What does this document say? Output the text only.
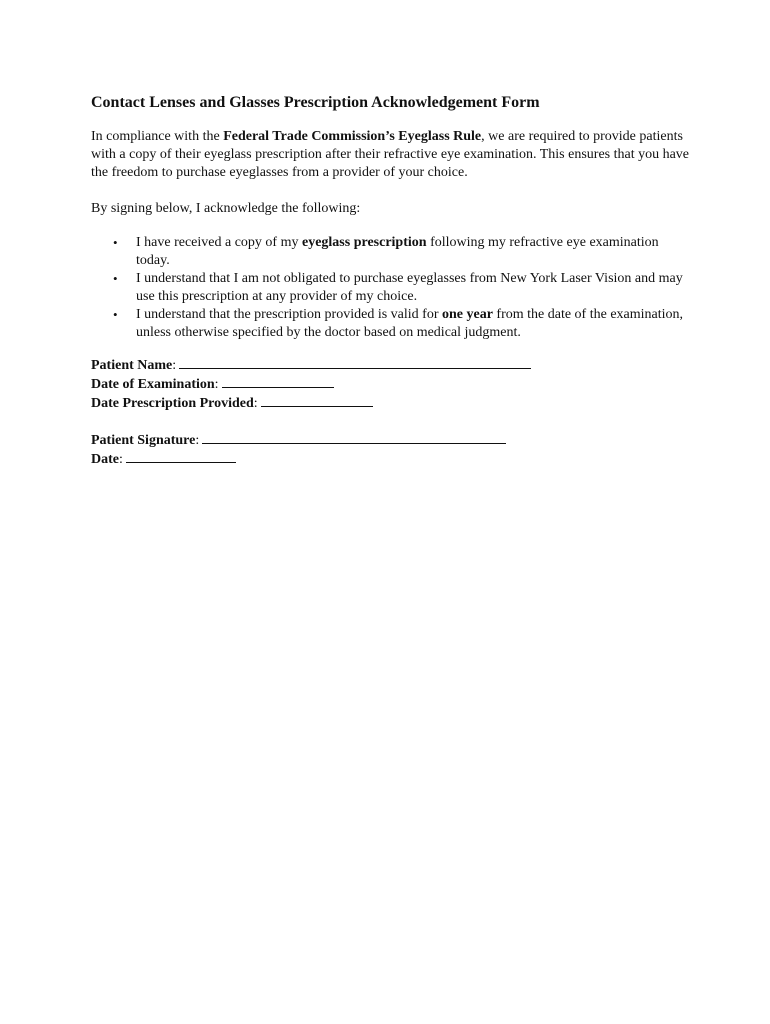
Contact Lenses and Glasses Prescription Acknowledgement Form

In compliance with the Federal Trade Commission’s Eyeglass Rule, we are required to provide patients with a copy of their eyeglass prescription after their refractive eye examination. This ensures that you have the freedom to purchase eyeglasses from a provider of your choice.

By signing below, I acknowledge the following:

• I have received a copy of my eyeglass prescription following my refractive eye examination today.
• I understand that I am not obligated to purchase eyeglasses from New York Laser Vision and may use this prescription at any provider of my choice.
• I understand that the prescription provided is valid for one year from the date of the examination, unless otherwise specified by the doctor based on medical judgment.
Patient Name:
Date of Examination:
Date Prescription Provided:
Patient Signature:
Date:
